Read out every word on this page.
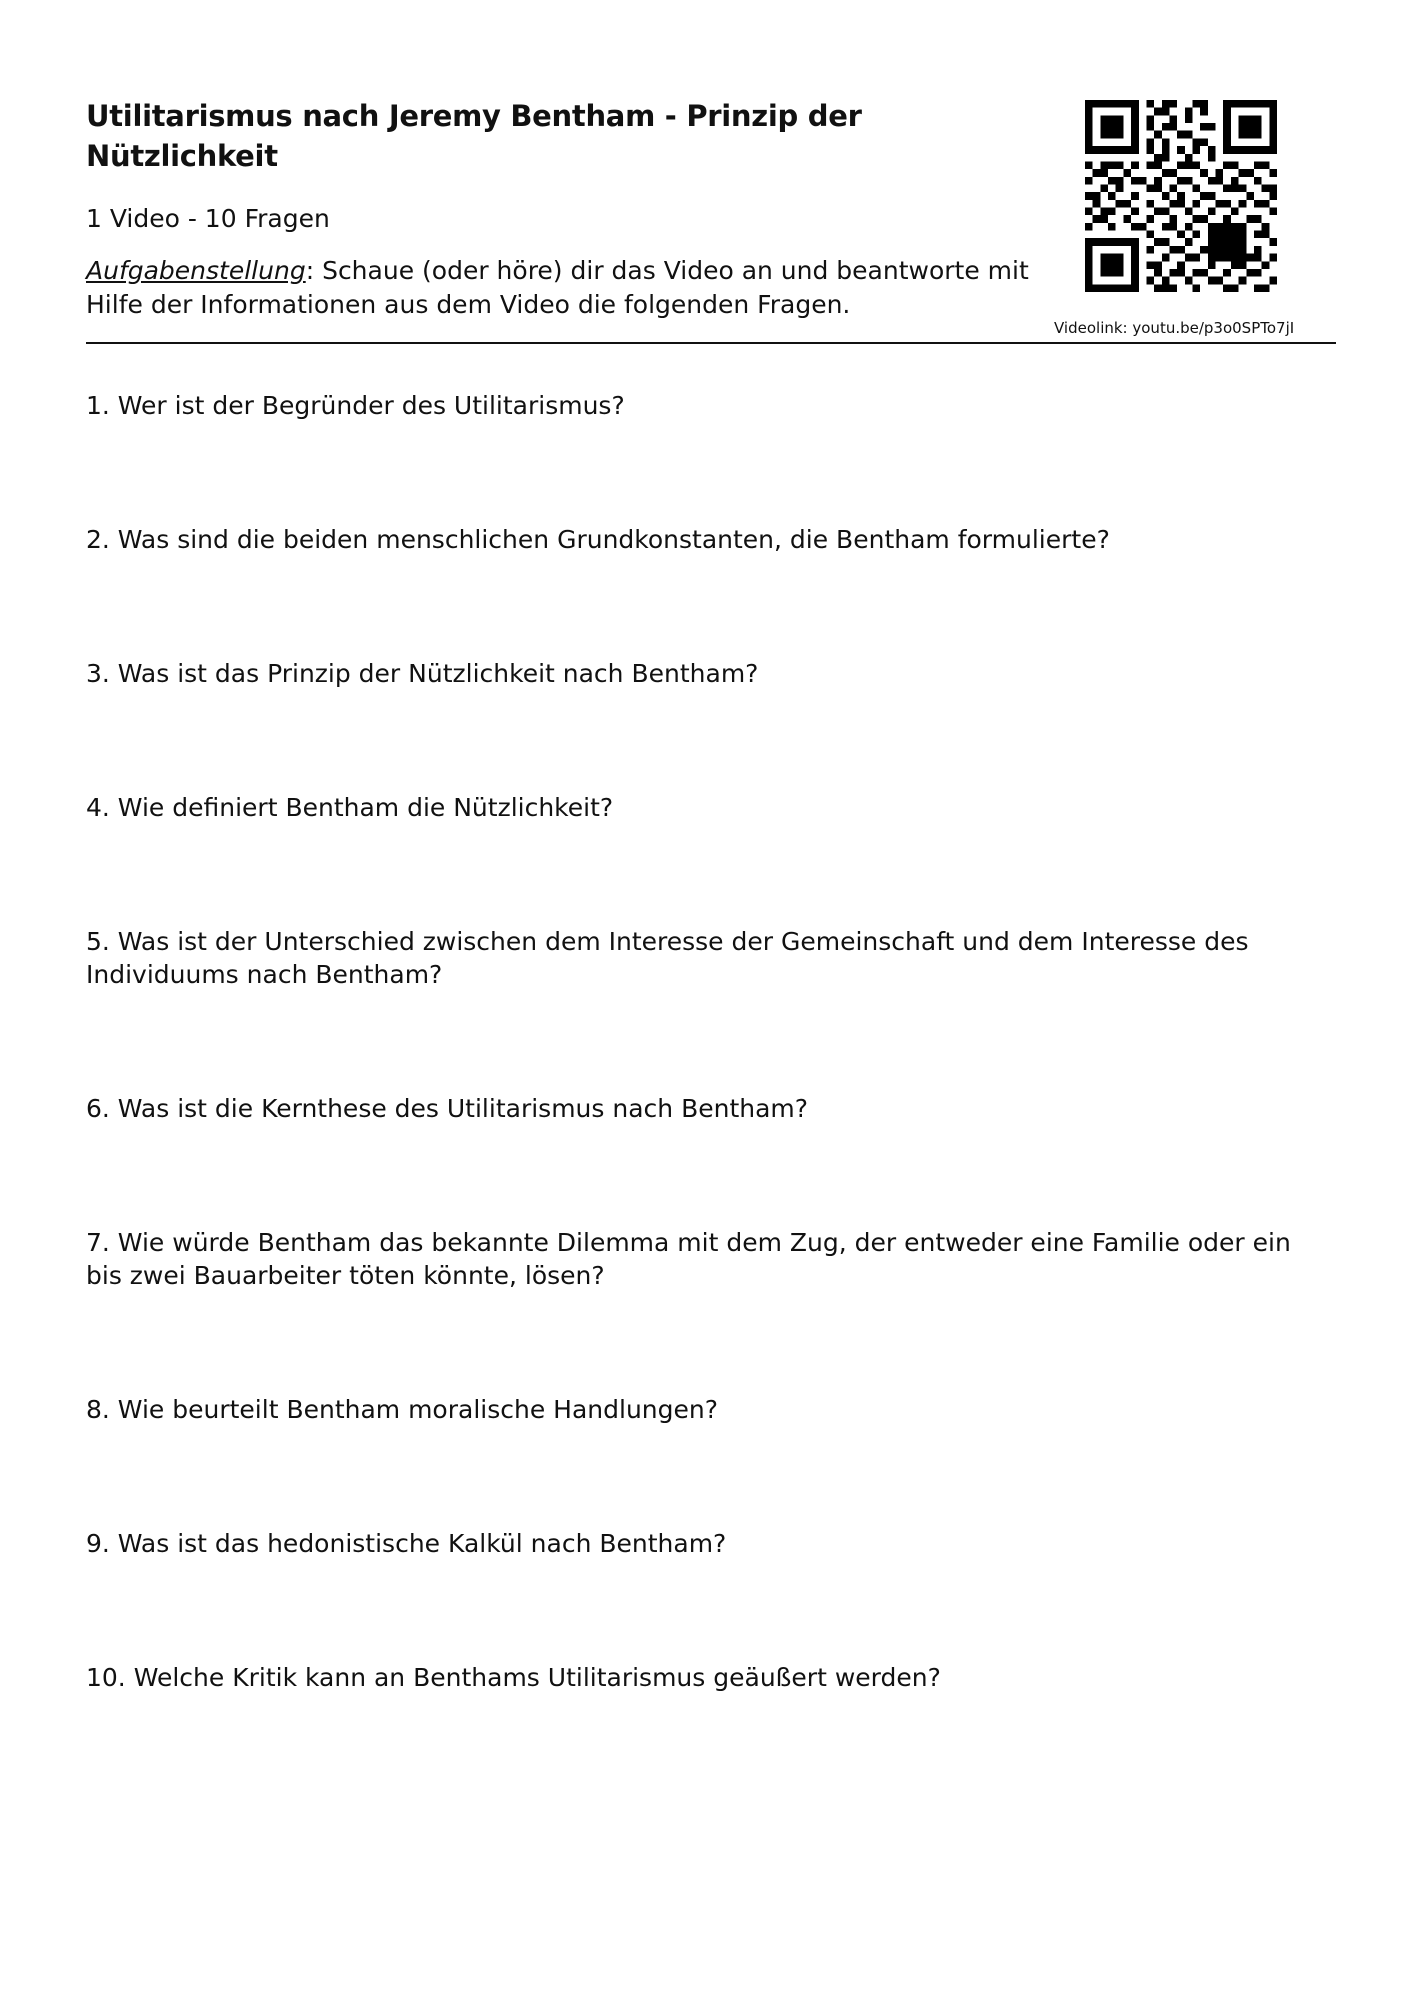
Utilitarismus nach Jeremy Bentham - Prinzip der Nützlichkeit
1 Video - 10 Fragen
Aufgabenstellung: Schaue (oder höre) dir das Video an und beantworte mit Hilfe der Informationen aus dem Video die folgenden Fragen.
Videolink: youtu.be/p3o0SPTo7jI
1. Wer ist der Begründer des Utilitarismus?
2. Was sind die beiden menschlichen Grundkonstanten, die Bentham formulierte?
3. Was ist das Prinzip der Nützlichkeit nach Bentham?
4. Wie definiert Bentham die Nützlichkeit?
5. Was ist der Unterschied zwischen dem Interesse der Gemeinschaft und dem Interesse des Individuums nach Bentham?
6. Was ist die Kernthese des Utilitarismus nach Bentham?
7. Wie würde Bentham das bekannte Dilemma mit dem Zug, der entweder eine Familie oder ein bis zwei Bauarbeiter töten könnte, lösen?
8. Wie beurteilt Bentham moralische Handlungen?
9. Was ist das hedonistische Kalkül nach Bentham?
10. Welche Kritik kann an Benthams Utilitarismus geäußert werden?
